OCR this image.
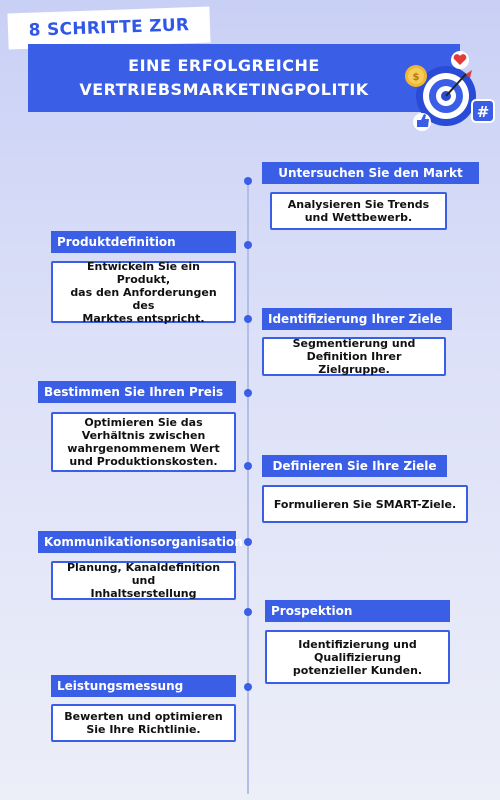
8 SCHRITTE ZUR
EINE ERFOLGREICHE
VERTRIEBSMARKETINGPOLITIK
$
#
Untersuchen Sie den Markt
Analysieren Sie Trends
und Wettbewerb.
Produktdefinition
Entwickeln Sie ein Produkt,
das den Anforderungen des
Marktes entspricht.	Identifizierung Ihrer Ziele
Segmentierung und
Definition Ihrer Zielgruppe.
Bestimmen Sie Ihren Preis
Optimieren Sie das
Verhältnis zwischen
wahrgenommenem Wert
und Produktionskosten.	Definieren Sie Ihre Ziele
Formulieren Sie SMART-Ziele.
Kommunikationsorganisation
Planung, Kanaldefinition und
Inhaltserstellung
Prospektion
Identifizierung und
Qualifizierung
potenzieller Kunden.
Leistungsmessung
Bewerten und optimieren
Sie Ihre Richtlinie.
